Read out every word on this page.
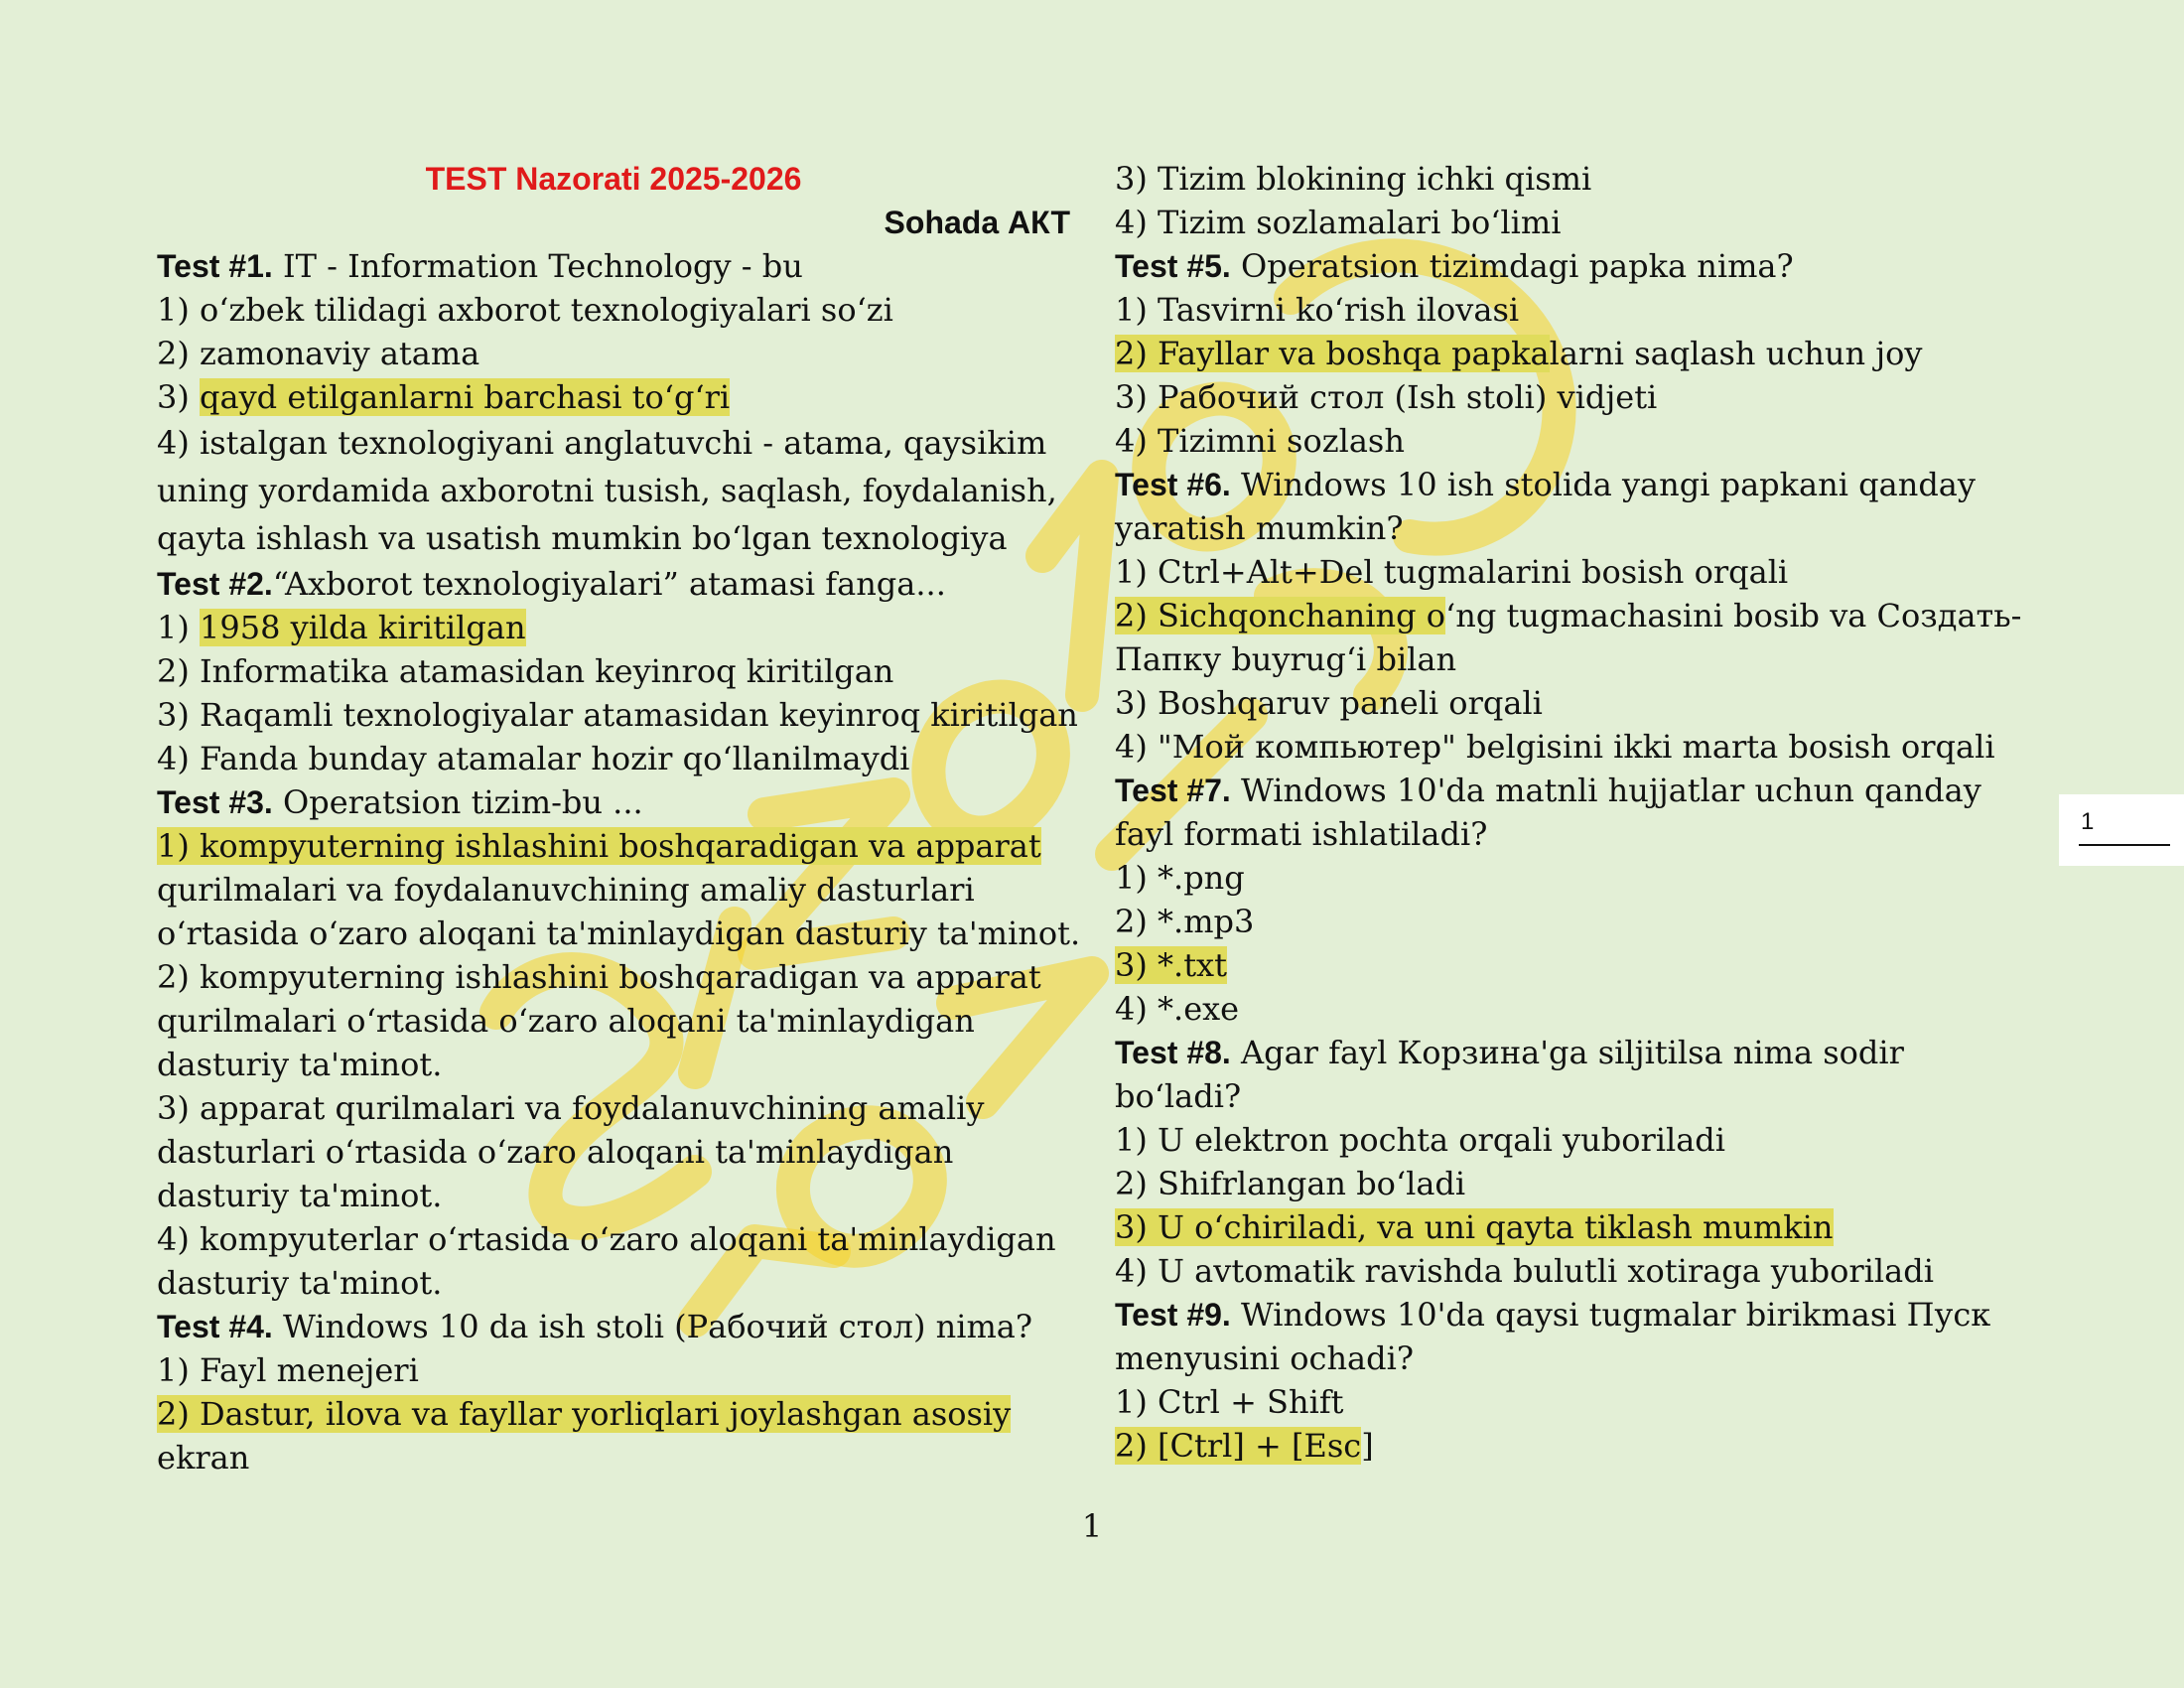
TEST Nazorati 2025-2026
Sohada АКТ
Test #1. IT - Information Technology - bu
1) o‘zbek tilidagi axborot texnologiyalari so‘zi
2) zamonaviy atama
3) qayd etilganlarni barchasi to‘g‘ri
4) istalgan texnologiyani anglatuvchi - atama, qaysikim uning yordamida axborotni tusish, saqlash, foydalanish, qayta ishlash va usatish mumkin bo‘lgan texnologiya
Test #2.“Axborot texnologiyalari” atamasi fanga...
1) 1958 yilda kiritilgan
2) Informatika atamasidan keyinroq kiritilgan
3) Raqamli texnologiyalar atamasidan keyinroq kiritilgan
4) Fanda bunday atamalar hozir qo‘llanilmaydi
Test #3. Operatsion tizim-bu ...
1) kompyuterning ishlashini boshqaradigan va apparat
qurilmalari va foydalanuvchining amaliy dasturlari
o‘rtasida o‘zaro aloqani ta'minlaydigan dasturiy ta'minot.
2) kompyuterning ishlashini boshqaradigan va apparat
qurilmalari o‘rtasida o‘zaro aloqani ta'minlaydigan
dasturiy ta'minot.
3) apparat qurilmalari va foydalanuvchining amaliy
dasturlari o‘rtasida o‘zaro aloqani ta'minlaydigan
dasturiy ta'minot.
4) kompyuterlar o‘rtasida o‘zaro aloqani ta'minlaydigan
dasturiy ta'minot.
Test #4. Windows 10 da ish stoli (Рабочий стол) nima?
1) Fayl menejeri
2) Dastur, ilova va fayllar yorliqlari joylashgan asosiy
ekran
3) Tizim blokining ichki qismi
4) Tizim sozlamalari bo‘limi
Test #5. Operatsion tizimdagi papka nima?
1) Tasvirni ko‘rish ilovasi
2) Fayllar va boshqa papkalarni saqlash uchun joy
3) Рабочий стол (Ish stoli) vidjeti
4) Tizimni sozlash
Test #6. Windows 10 ish stolida yangi papkani qanday
yaratish mumkin?
1) Ctrl+Alt+Del tugmalarini bosish orqali
2) Sichqonchaning o‘ng tugmachasini bosib va Создать-
Папку buyrug‘i bilan
3) Boshqaruv paneli orqali
4) "Мой компьютер" belgisini ikki marta bosish orqali
Test #7. Windows 10'da matnli hujjatlar uchun qanday
fayl formati ishlatiladi?
1) *.png
2) *.mp3
3) *.txt
4) *.exe
Test #8. Agar fayl Корзина'ga siljitilsa nima sodir
bo‘ladi?
1) U elektron pochta orqali yuboriladi
2) Shifrlangan bo‘ladi
3) U o‘chiriladi, va uni qayta tiklash mumkin
4) U avtomatik ravishda bulutli xotiraga yuboriladi
Test #9. Windows 10'da qaysi tugmalar birikmasi Пуск
menyusini ochadi?
1) Ctrl + Shift
2) [Ctrl] + [Esc]
1
1
